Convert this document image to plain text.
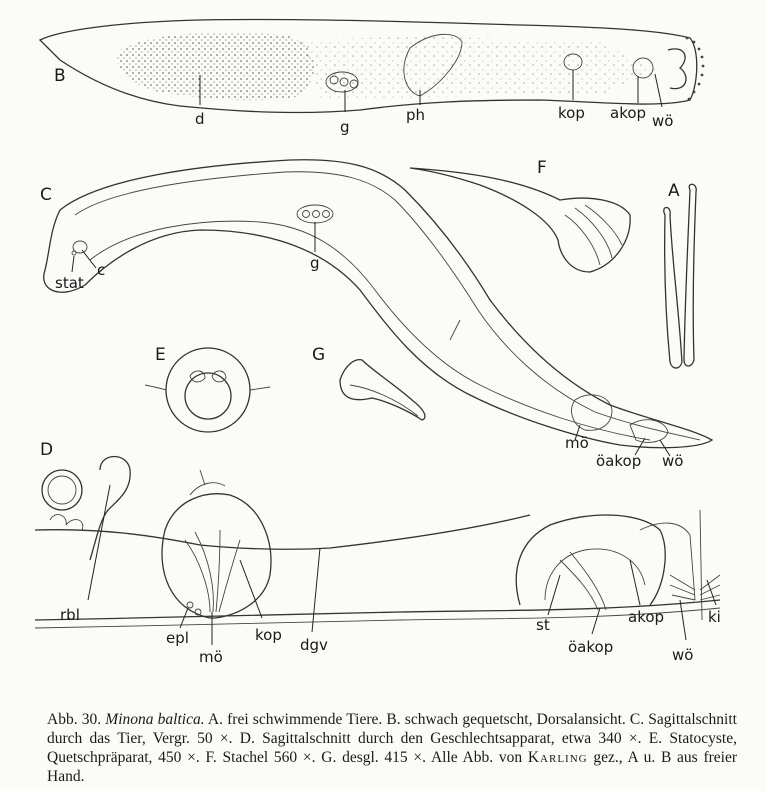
B
d	g
ph	kop akop wö
C
c
stat
g
mö
öakop wö
F
A
E	G
D
rbl
epl
mö
kop
dgv
st
öakop
akop
wö
ki
Abb. 30. Minona baltica. A. frei schwimmende Tiere. B. schwach gequetscht, Dorsalansicht. C. Sagittalschnitt durch das Tier, Vergr. 50 ×. D. Sagittalschnitt durch den Geschlechtsapparat, etwa 340 ×. E. Statocyste, Quetschpräparat, 450 ×. F. Stachel 560 ×. G. desgl. 415 ×. Alle Abb. von Karling gez., A u. B aus freier Hand.
